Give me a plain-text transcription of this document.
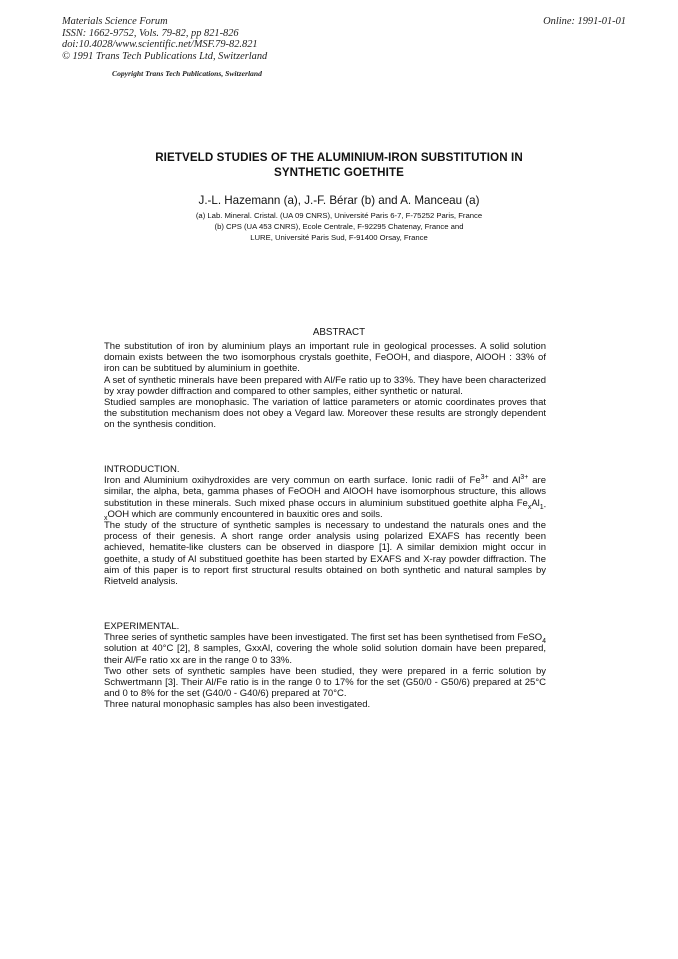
Materials Science Forum
ISSN: 1662-9752, Vols. 79-82, pp 821-826
doi:10.4028/www.scientific.net/MSF.79-82.821
© 1991 Trans Tech Publications Ltd, Switzerland
Online: 1991-01-01
Copyright Trans Tech Publications, Switzerland
RIETVELD STUDIES OF THE ALUMINIUM-IRON SUBSTITUTION IN
SYNTHETIC GOETHITE
J.-L. Hazemann (a), J.-F. Bérar (b) and A. Manceau (a)
(a) Lab. Mineral. Cristal. (UA 09 CNRS), Université Paris 6-7, F-75252 Paris, France
(b) CPS (UA 453 CNRS), Ecole Centrale, F-92295 Chatenay, France and
LURE, Université Paris Sud, F-91400 Orsay, France
ABSTRACT

The substitution of iron by aluminium plays an important rule in geological processes. A solid solution domain exists between the two isomorphous crystals goethite, FeOOH, and diaspore, AlOOH : 33% of iron can be subtitued by aluminium in goethite.

A set of synthetic minerals have been prepared with Al/Fe ratio up to 33%. They have been characterized by xray powder diffraction and compared to other samples, either synthetic or natural.

Studied samples are monophasic. The variation of lattice parameters or atomic coordinates proves that the substitution mechanism does not obey a Vegard law. Moreover these results are strongly dependent on the synthesis condition.

INTRODUCTION.

Iron and Aluminium oxihydroxides are very commun on earth surface. Ionic radii of $Fe^{3+}$ and $Al^{3+}$ are similar, the alpha, beta, gamma phases of FeOOH and AlOOH have isomorphous structure, this allows substitution in these minerals. Such mixed phase occurs in aluminium substitued goethite alpha $Fe_xAl_{1-x}OOH$ which are communly encountered in bauxitic ores and soils.

The study of the structure of synthetic samples is necessary to undestand the naturals ones and the process of their genesis. A short range order analysis using polarized EXAFS has recently been achieved, hematite-like clusters can be observed in diaspore [1]. A similar demixion might occur in goethite, a study of Al substitued goethite has been started by EXAFS and X-ray powder diffraction. The aim of this paper is to report first structural results obtained on both synthetic and natural samples by Rietveld analysis.

EXPERIMENTAL.

Three series of synthetic samples have been investigated. The first set has been synthetised from FeSO$_4$ solution at 40°C [2], 8 samples, GxxAl, covering the whole solid solution domain have been prepared, their Al/Fe ratio xx are in the range 0 to 33%.

Two other sets of synthetic samples have been studied, they were prepared in a ferric solution by Schwertmann [3]. Their Al/Fe ratio is in the range 0 to 17% for the set (G50/0 - G50/6) prepared at 25°C and 0 to 8% for the set (G40/0 - G40/6) prepared at 70°C.

Three natural monophasic samples has also been investigated.
